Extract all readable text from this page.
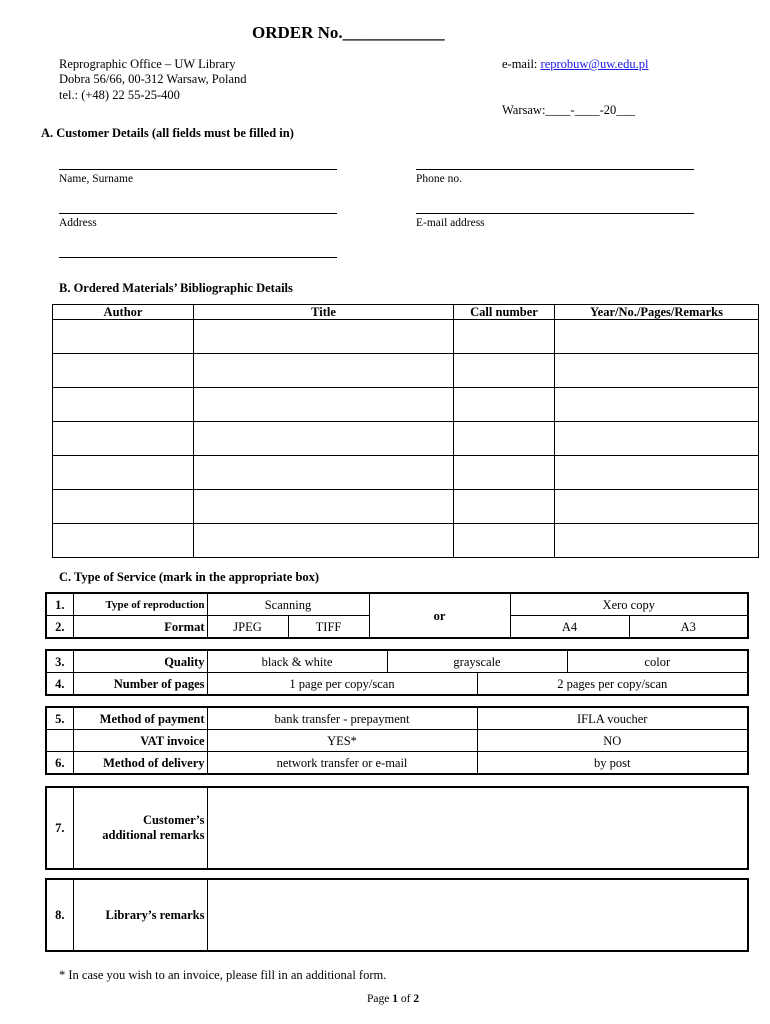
ORDER No.____________
Reprographic Office – UW Library
Dobra 56/66, 00-312 Warsaw, Poland
tel.: (+48) 22 55-25-400
e-mail: reprobuw@uw.edu.pl
Warsaw:____-____-20___
A. Customer Details (all fields must be filled in)
Name, Surname	Phone no.
Address	E-mail address
B. Ordered Materials’ Bibliographic Details
Author	Title	Call number	Year/No./Pages/Remarks

C. Type of Service (mark in the appropriate box)
1.	Type of reproduction	Scanning		or	Xero copy	
2.	Format	JPEG	TIFF		A4	A3
3.	Quality	black & white	grayscale		color
4.	Number of pages	1 page per copy/scan		2 pages per copy/scan	
5.	Method of payment	bank transfer - prepayment	IFLA voucher
	VAT invoice	YES*	NO
6.	Method of delivery	network transfer or e-mail	by post
7.	Customer’s
additional remarks	
8.	Library’s remarks	
* In case you wish to an invoice, please fill in an additional form.
Page 1 of 2
